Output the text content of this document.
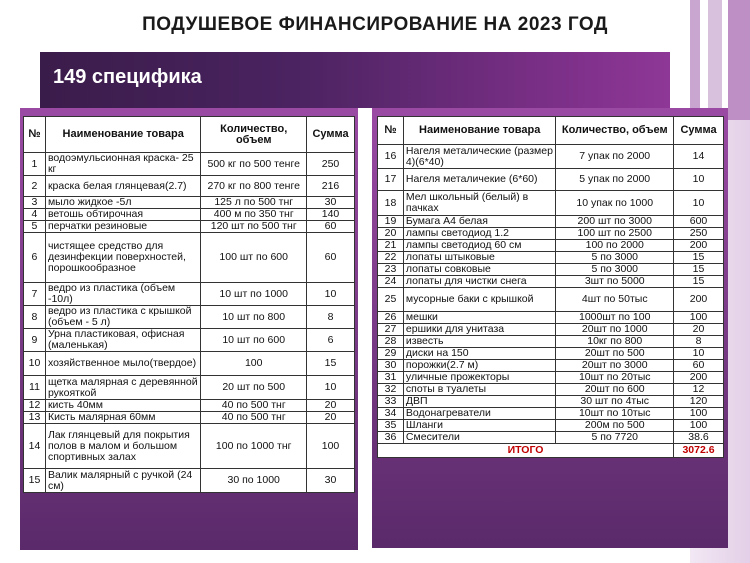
ПОДУШЕВОЕ ФИНАНСИРОВАНИЕ НА 2023 ГОД
149 специфика
№	Наименование товара	Количество, объем	Сумма
1	водоэмульсионная краска- 25 кг	500 кг по 500 тенге	250
2	краска белая глянцевая(2.7)	270 кг по 800 тенге	216
3	мыло жидкое -5л	125 л по 500 тнг	30
4	ветошь обтирочная	400 м по 350 тнг	140
5	перчатки резиновые	120 шт по 500 тнг	60
6	чистящее средство для дезинфекции поверхностей, порошкообразное	100 шт по 600	60
7	ведро из пластика (объем -10л)	10 шт по 1000	10
8	ведро из пластика с крышкой (объем - 5 л)	10 шт по 800	8
9	Урна пластиковая, офисная (маленькая)	10 шт по 600	6
10	хозяйственное мыло(твердое)	100	15
11	щетка малярная с деревянной рукояткой	20 шт по 500	10
12	кисть 40мм	40 по 500 тнг	20
13	Кисть малярная 60мм	40 по 500 тнг	20
14	Лак глянцевый для покрытия полов в малом и большом спортивных залах	100 по 1000 тнг	100
15	Валик малярный с ручкой (24 см)	30 по 1000	30
№	Наименование товара	Количество, объем	Сумма
16	Нагеля металические (размер 4)(6*40)	7 упак по 2000	14
17	Нагеля металичекие (6*60)	5 упак по 2000	10
18	Мел школьный (белый) в пачках	10 упак по 1000	10
19	Бумага А4 белая	200 шт по 3000	600
20	лампы светодиод 1.2	100 шт по 2500	250
21	лампы светодиод 60 см	100 по 2000	200
22	лопаты штыковые	5 по 3000	15
23	лопаты совковые	5 по 3000	15
24	лопаты для чистки снега	3шт по 5000	15
25	мусорные баки с крышкой	4шт по 50тыс	200
26	мешки	1000шт по 100	100
27	ершики для унитаза	20шт по 1000	20
28	известь	10кг по 800	8
29	диски на 150	20шт по 500	10
30	порожки(2.7 м)	20шт по 3000	60
31	уличные прожекторы	10шт по 20тыс	200
32	споты в туалеты	20шт по 600	12
33	ДВП	30 шт по 4тыс	120
34	Водонагреватели	10шт по 10тыс	100
35	Шланги	200м по 500	100
36	Смесители	5 по 7720	38.6
ИТОГО			3072.6
